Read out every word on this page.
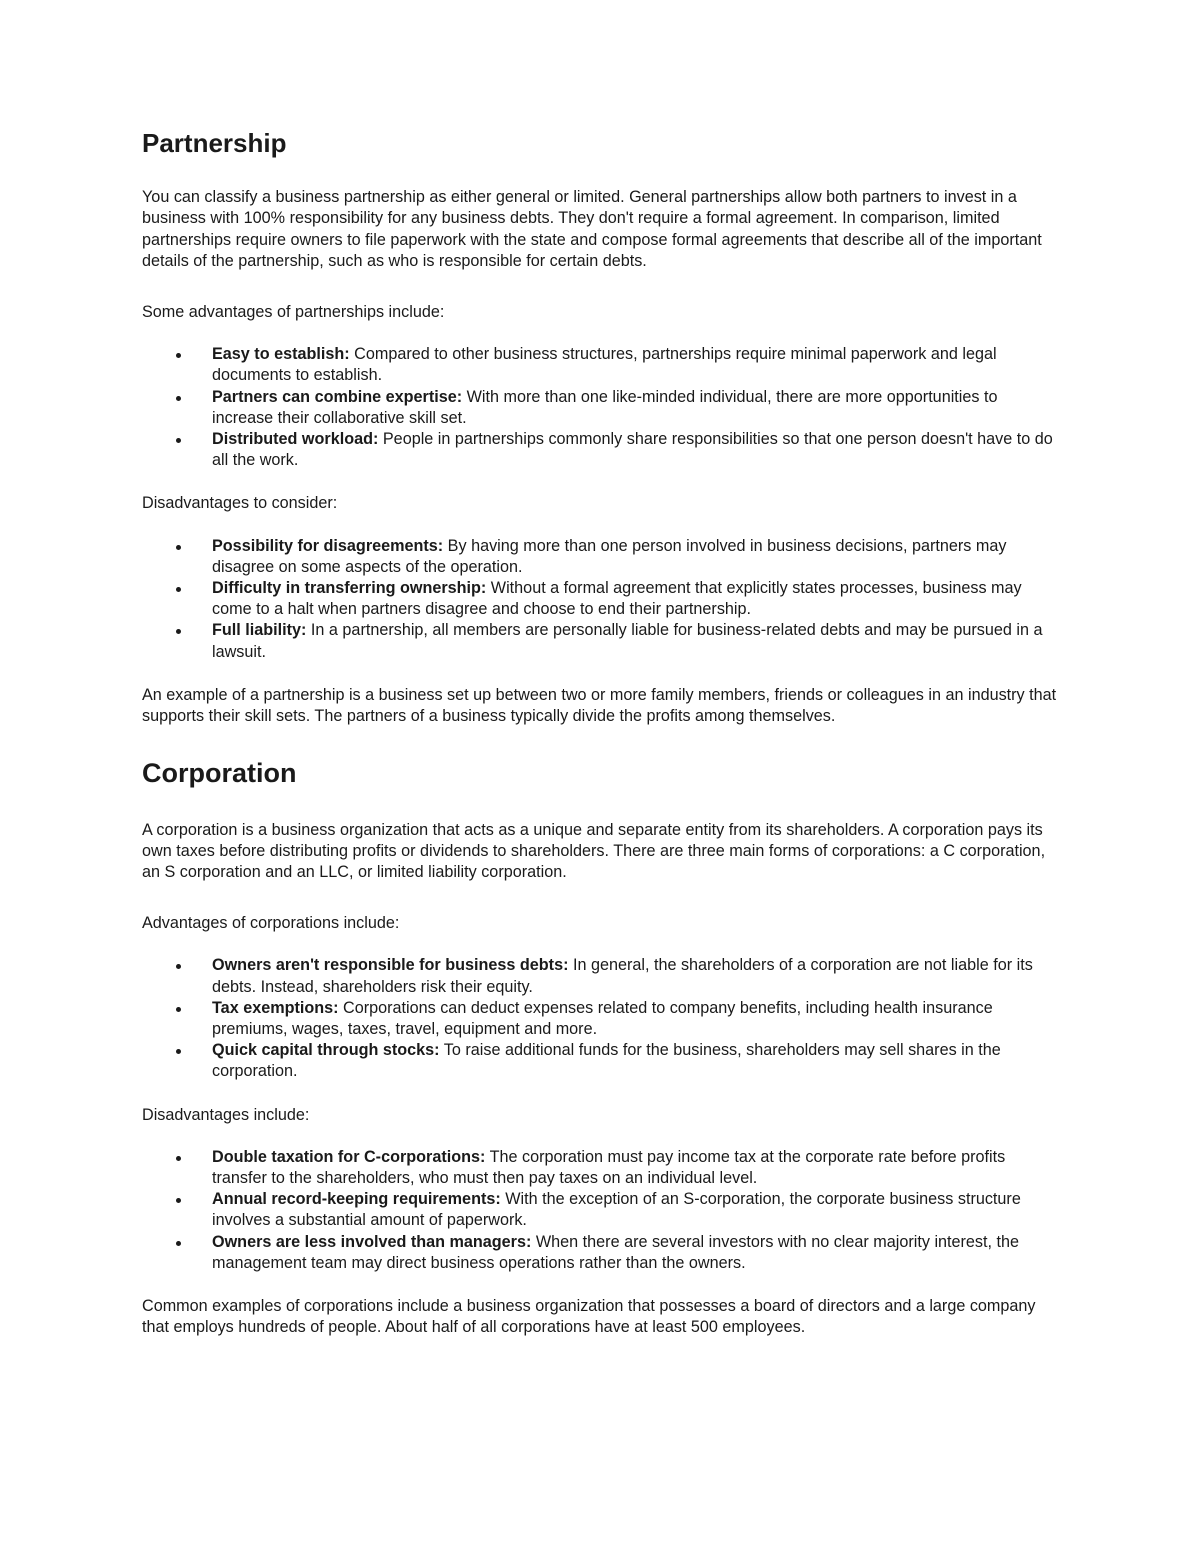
Partnership

You can classify a business partnership as either general or limited. General partnerships allow both partners to invest in a business with 100% responsibility for any business debts. They don't require a formal agreement. In comparison, limited partnerships require owners to file paperwork with the state and compose formal agreements that describe all of the important details of the partnership, such as who is responsible for certain debts.

Some advantages of partnerships include:

Easy to establish: Compared to other business structures, partnerships require minimal paperwork and legal documents to establish.
Partners can combine expertise: With more than one like-minded individual, there are more opportunities to increase their collaborative skill set.
Distributed workload: People in partnerships commonly share responsibilities so that one person doesn't have to do all the work.

Disadvantages to consider:

Possibility for disagreements: By having more than one person involved in business decisions, partners may disagree on some aspects of the operation.
Difficulty in transferring ownership: Without a formal agreement that explicitly states processes, business may come to a halt when partners disagree and choose to end their partnership.
Full liability: In a partnership, all members are personally liable for business-related debts and may be pursued in a lawsuit.

An example of a partnership is a business set up between two or more family members, friends or colleagues in an industry that supports their skill sets. The partners of a business typically divide the profits among themselves.

Corporation

A corporation is a business organization that acts as a unique and separate entity from its shareholders. A corporation pays its own taxes before distributing profits or dividends to shareholders. There are three main forms of corporations: a C corporation, an S corporation and an LLC, or limited liability corporation.

Advantages of corporations include:

Owners aren't responsible for business debts: In general, the shareholders of a corporation are not liable for its debts. Instead, shareholders risk their equity.
Tax exemptions: Corporations can deduct expenses related to company benefits, including health insurance premiums, wages, taxes, travel, equipment and more.
Quick capital through stocks: To raise additional funds for the business, shareholders may sell shares in the corporation.

Disadvantages include:

Double taxation for C-corporations: The corporation must pay income tax at the corporate rate before profits transfer to the shareholders, who must then pay taxes on an individual level.
Annual record-keeping requirements: With the exception of an S-corporation, the corporate business structure involves a substantial amount of paperwork.
Owners are less involved than managers: When there are several investors with no clear majority interest, the management team may direct business operations rather than the owners.

Common examples of corporations include a business organization that possesses a board of directors and a large company that employs hundreds of people. About half of all corporations have at least 500 employees.
